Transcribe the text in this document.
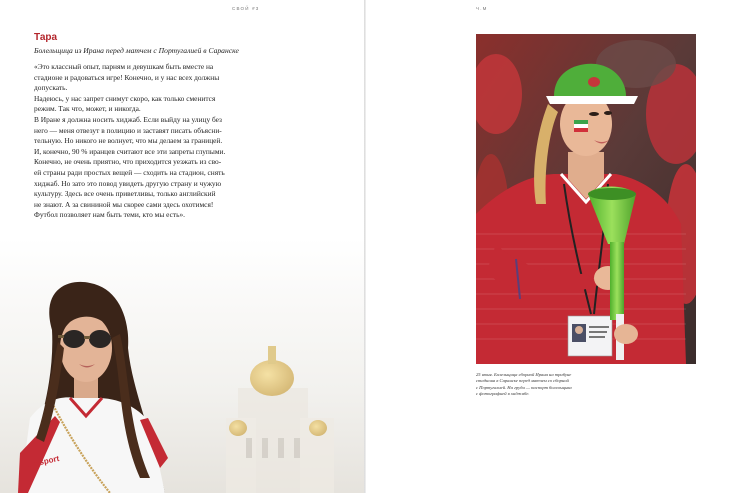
СВОЙ #3
Тара
Болельщица из Ирана перед матчем с Португалией в Саранске

«Это классный опыт, парням и девушкам быть вместе на

стадионе и радоваться игре! Конечно, и у нас всех должны

допускать.

Надеюсь, у нас запрет снимут скоро, как только сменится

режим. Так что, может, и никогда.

В Иране я должна носить хиджаб. Если выйду на улицу без

него — меня отвезут в полицию и заставят писать объясни-

тельную. Но никого не волнует, что мы делаем за границей.

И, конечно, 90 % иранцев считают все эти запреты глупыми.

Конечно, не очень приятно, что приходится уезжать из сво-

ей страны ради простых вещей — сходить на стадион, снять

хиджаб. Но зато это повод увидеть другую страну и чужую

культуру. Здесь все очень приветливы, только английский

не знают. А за свининой мы скорее сами здесь охотимся!

Футбол позволяет нам быть теми, кто мы есть».

uhlsport
Ч.М

25 июня. Болельщица сборной Ирана на трибуне

стадиона в Саранске перед матчем со сборной

с Португалией. На груди — паспорт болельщика

с фотографией в хиджабе.
